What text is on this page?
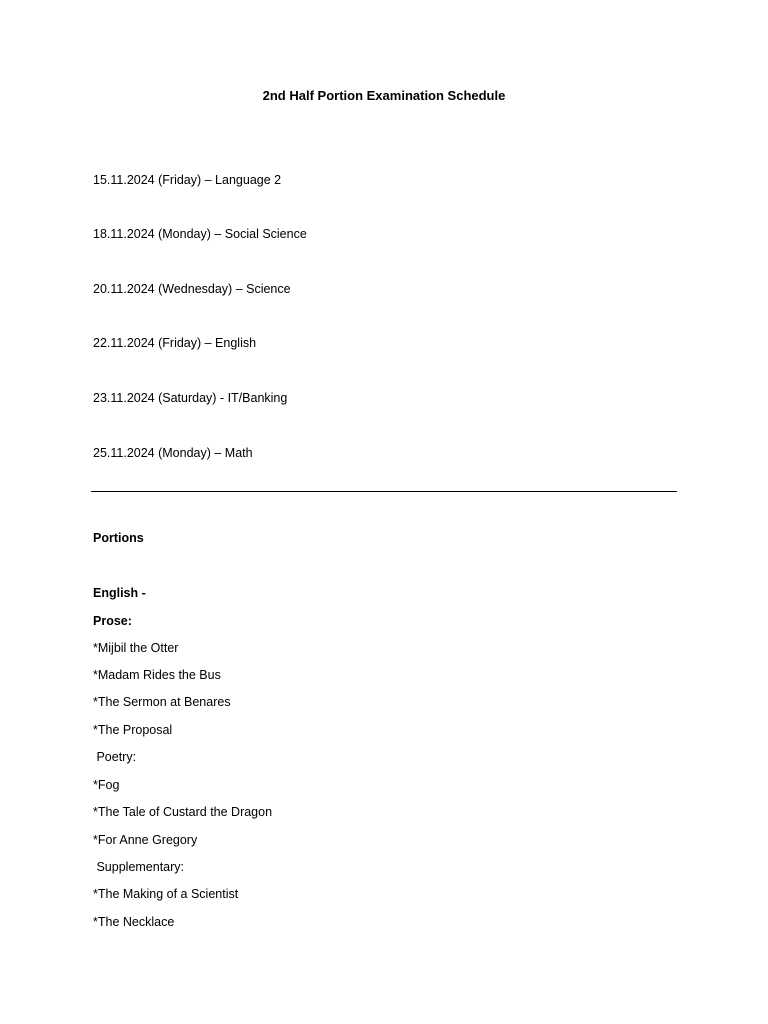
2nd Half Portion Examination Schedule
15.11.2024 (Friday) – Language 2
18.11.2024 (Monday) – Social Science
20.11.2024 (Wednesday) – Science
22.11.2024 (Friday) – English
23.11.2024 (Saturday) - IT/Banking
25.11.2024 (Monday) – Math
Portions
English -
Prose:
*Mijbil the Otter
*Madam Rides the Bus
*The Sermon at Benares
*The Proposal
Poetry:
*Fog
*The Tale of Custard the Dragon
*For Anne Gregory
Supplementary:
*The Making of a Scientist
*The Necklace
